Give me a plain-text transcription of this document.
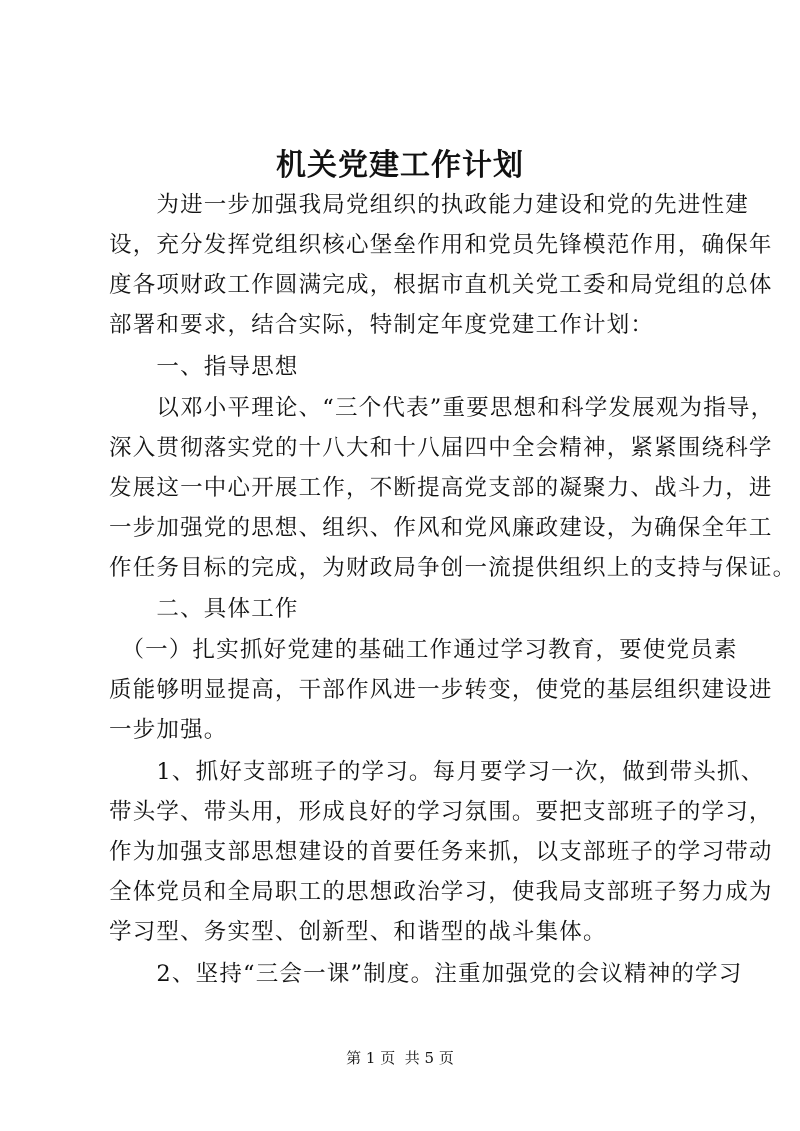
机关党建工作计划
　　为进一步加强我局党组织的执政能力建设和党的先进性建
设，充分发挥党组织核心堡垒作用和党员先锋模范作用，确保年
度各项财政工作圆满完成，根据市直机关党工委和局党组的总体
部署和要求，结合实际，特制定年度党建工作计划：
　　一、指导思想
　　以邓小平理论、“三个代表”重要思想和科学发展观为指导，
深入贯彻落实党的十八大和十八届四中全会精神，紧紧围绕科学
发展这一中心开展工作，不断提高党支部的凝聚力、战斗力，进
一步加强党的思想、组织、作风和党风廉政建设，为确保全年工
作任务目标的完成，为财政局争创一流提供组织上的支持与保证。
　　二、具体工作
　（一）扎实抓好党建的基础工作通过学习教育，要使党员素
质能够明显提高，干部作风进一步转变，使党的基层组织建设进
一步加强。
　　1、抓好支部班子的学习。每月要学习一次，做到带头抓、
带头学、带头用，形成良好的学习氛围。要把支部班子的学习，
作为加强支部思想建设的首要任务来抓，以支部班子的学习带动
全体党员和全局职工的思想政治学习，使我局支部班子努力成为
学习型、务实型、创新型、和谐型的战斗集体。
　　2、坚持“三会一课”制度。注重加强党的会议精神的学习
第 1 页  共 5 页
